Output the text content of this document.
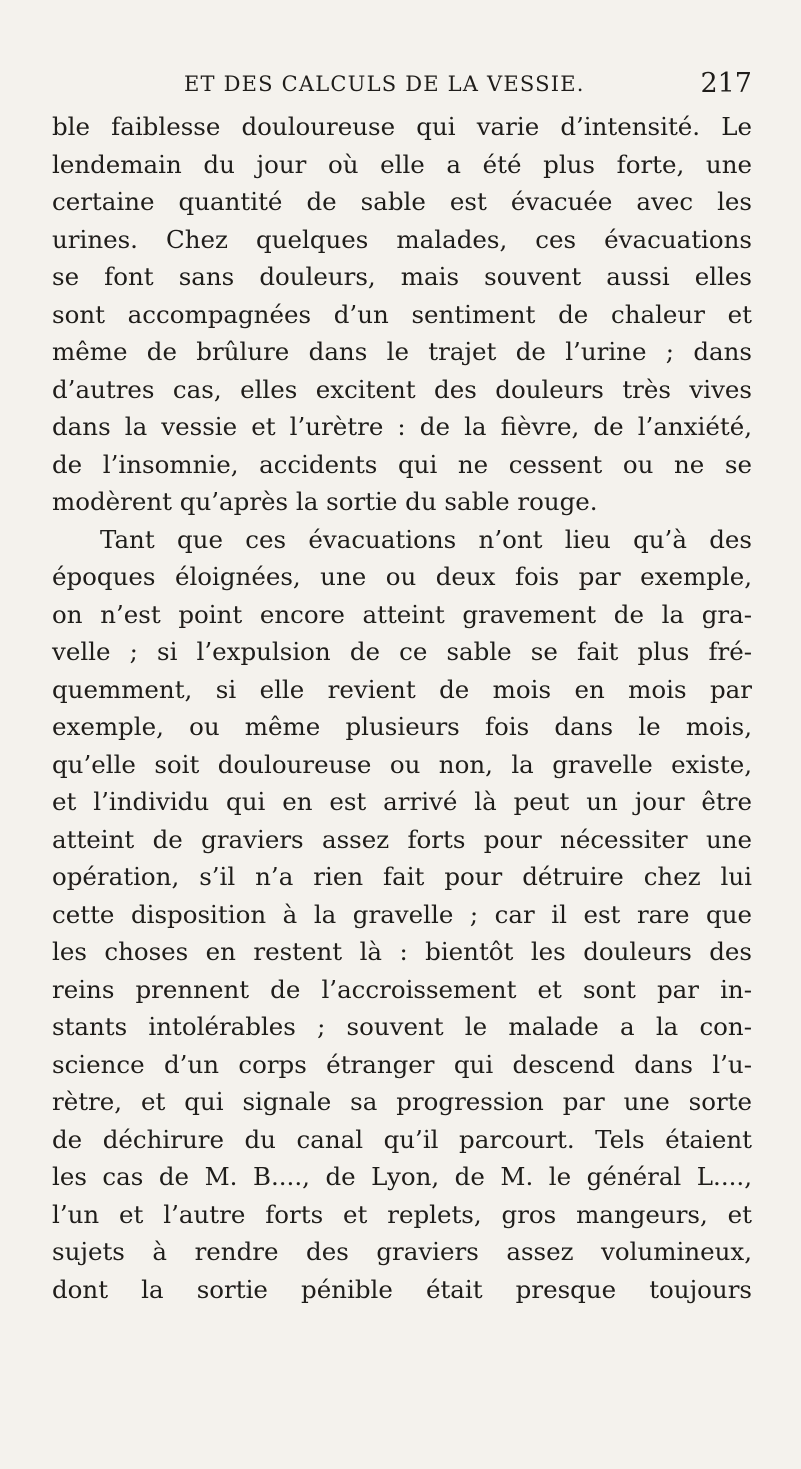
ET DES CALCULS DE LA VESSIE.	217
ble faiblesse douloureuse qui varie d’intensité. Le
lendemain du jour où elle a été plus forte, une
certaine quantité de sable est évacuée avec les
urines. Chez quelques malades, ces évacuations
se font sans douleurs, mais souvent aussi elles
sont accompagnées d’un sentiment de chaleur et
même de brûlure dans le trajet de l’urine ; dans
d’autres cas, elles excitent des douleurs très vives
dans la vessie et l’urètre : de la fièvre, de l’anxiété,
de l’insomnie, accidents qui ne cessent ou ne se
modèrent qu’après la sortie du sable rouge.
Tant que ces évacuations n’ont lieu qu’à des
époques éloignées, une ou deux fois par exemple,
on n’est point encore atteint gravement de la gra-
velle ; si l’expulsion de ce sable se fait plus fré-
quemment, si elle revient de mois en mois par
exemple, ou même plusieurs fois dans le mois,
qu’elle soit douloureuse ou non, la gravelle existe,
et l’individu qui en est arrivé là peut un jour être
atteint de graviers assez forts pour nécessiter une
opération, s’il n’a rien fait pour détruire chez lui
cette disposition à la gravelle ; car il est rare que
les choses en restent là : bientôt les douleurs des
reins prennent de l’accroissement et sont par in-
stants intolérables ; souvent le malade a la con-
science d’un corps étranger qui descend dans l’u-
rètre, et qui signale sa progression par une sorte
de déchirure du canal qu’il parcourt. Tels étaient
les cas de M. B...., de Lyon, de M. le général L....,
l’un et l’autre forts et replets, gros mangeurs, et
sujets à rendre des graviers assez volumineux,
dont la sortie pénible était presque toujours
